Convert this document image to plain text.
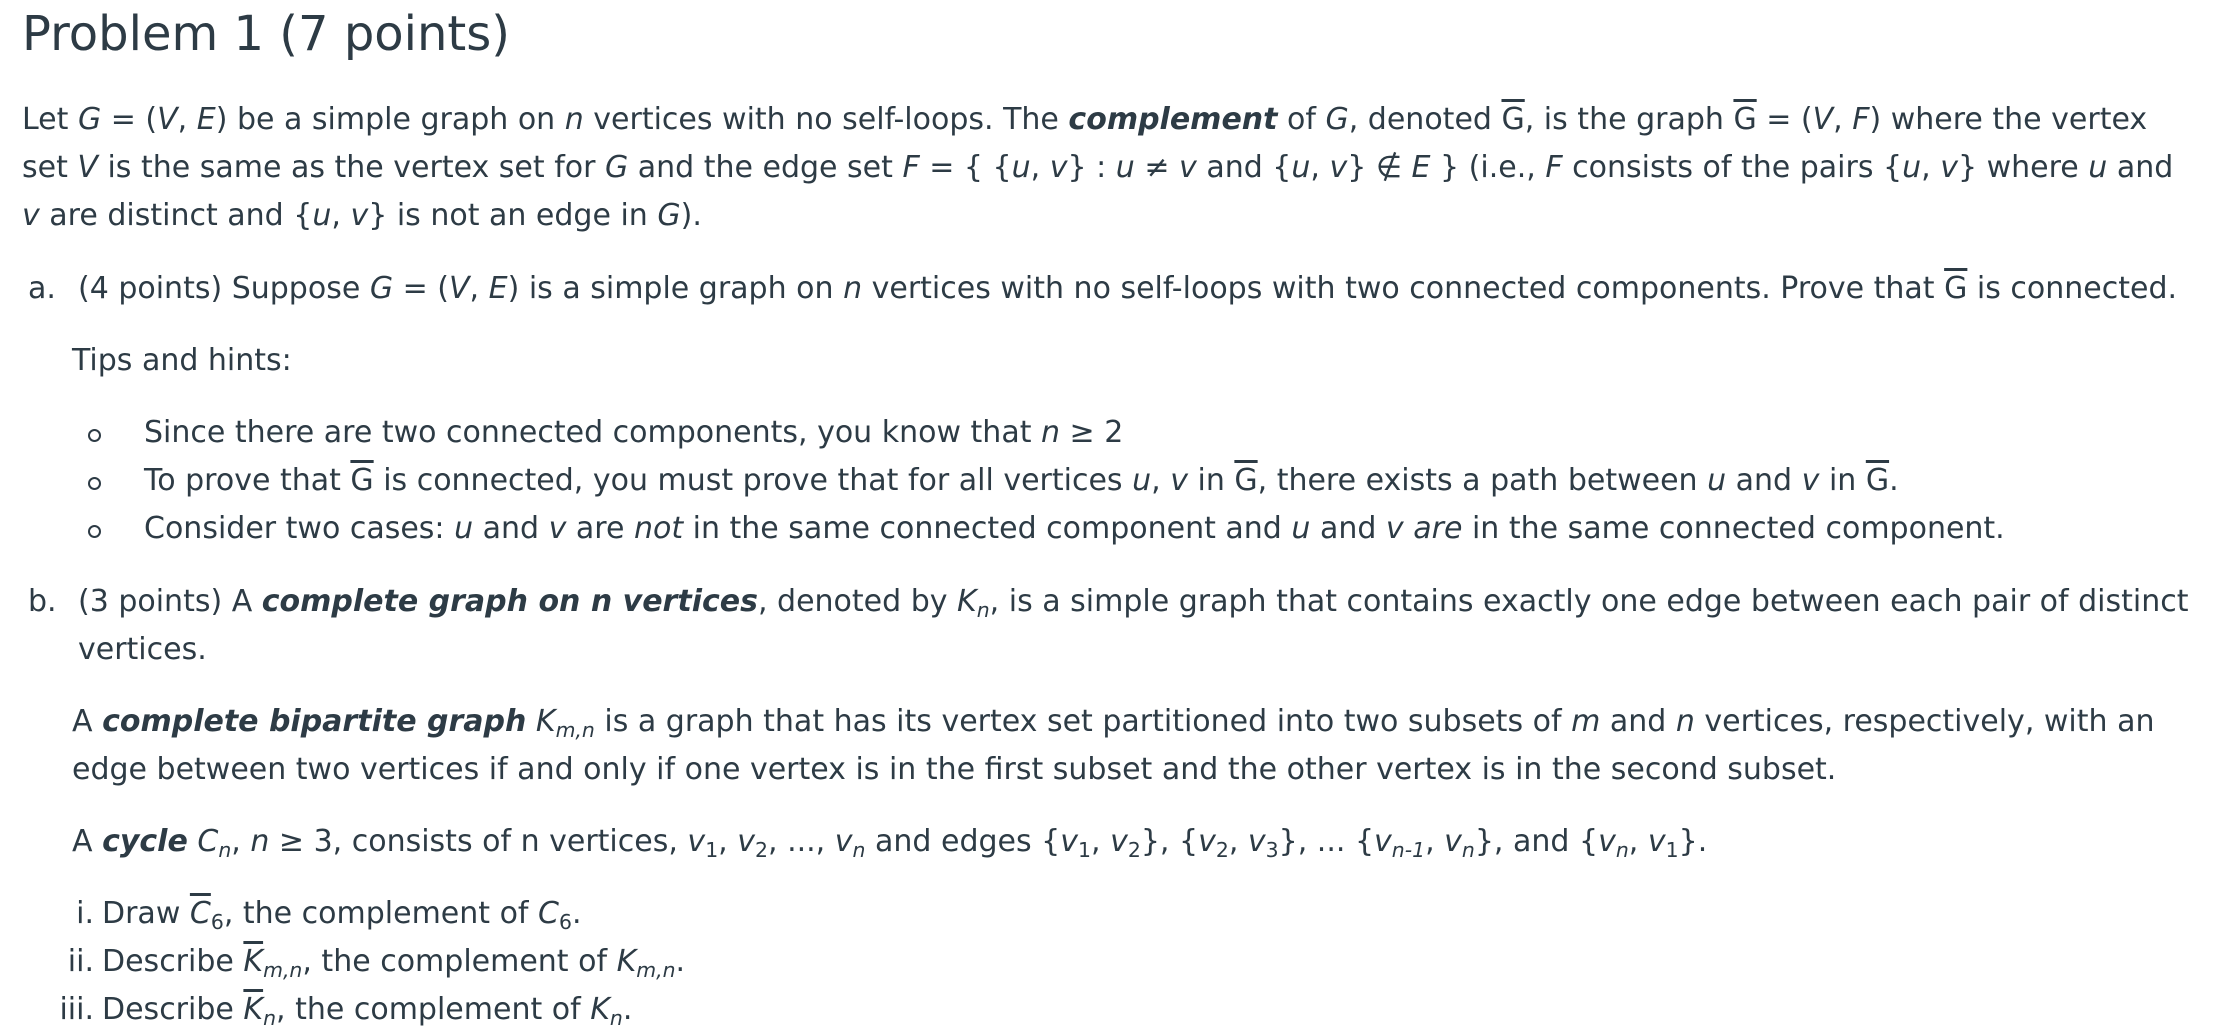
Problem 1 (7 points)

Let G = (V, E) be a simple graph on n vertices with no self-loops. The complement of G, denoted $\overline{G}$, is the graph $\overline{G} = (V$, F) where the vertex set V is the same as the vertex set for G and the edge set F = { {u, v} : u ≠ v and {u, v} ∉ E } (i.e., F consists of the pairs {u, v} where u and v are distinct and {u, v} is not an edge in G).

a. (4 points) Suppose G = (V, E) is a simple graph on n vertices with no self-loops with two connected components. Prove that $\overline{G}$ is connected.

Tips and hints:

Since there are two connected components, you know that n ≥ 2

To prove that $\overline{G}$ is connected, you must prove that for all vertices u, v in $\overline{G}$, there exists a path between u and v in $\overline{G}$.

Consider two cases: u and v are not in the same connected component and u and v are in the same connected component.

b. (3 points) A complete graph on n vertices, denoted by $K_n$, is a simple graph that contains exactly one edge between each pair of distinct vertices.

A complete bipartite graph $K_{m,n}$ is a graph that has its vertex set partitioned into two subsets of m and n vertices, respectively, with an edge between two vertices if and only if one vertex is in the first subset and the other vertex is in the second subset.

A cycle $C_n$, n ≥ 3, consists of n vertices, $v_1$, $v_2$, ..., $v_n$ and edges {$v_1$, $v_2$}, {$v_2$, $v_3$}, ... {$v_{n-1}$, $v_n$}, and {$v_n$, $v_1$}.

i. Draw $\overline{C}_6$, the complement of $C_6$.

ii. Describe $\overline{K}_{m,n}$, the complement of $K_{m,n}$.

iii. Describe $\overline{K}_n$, the complement of $K_n$.
